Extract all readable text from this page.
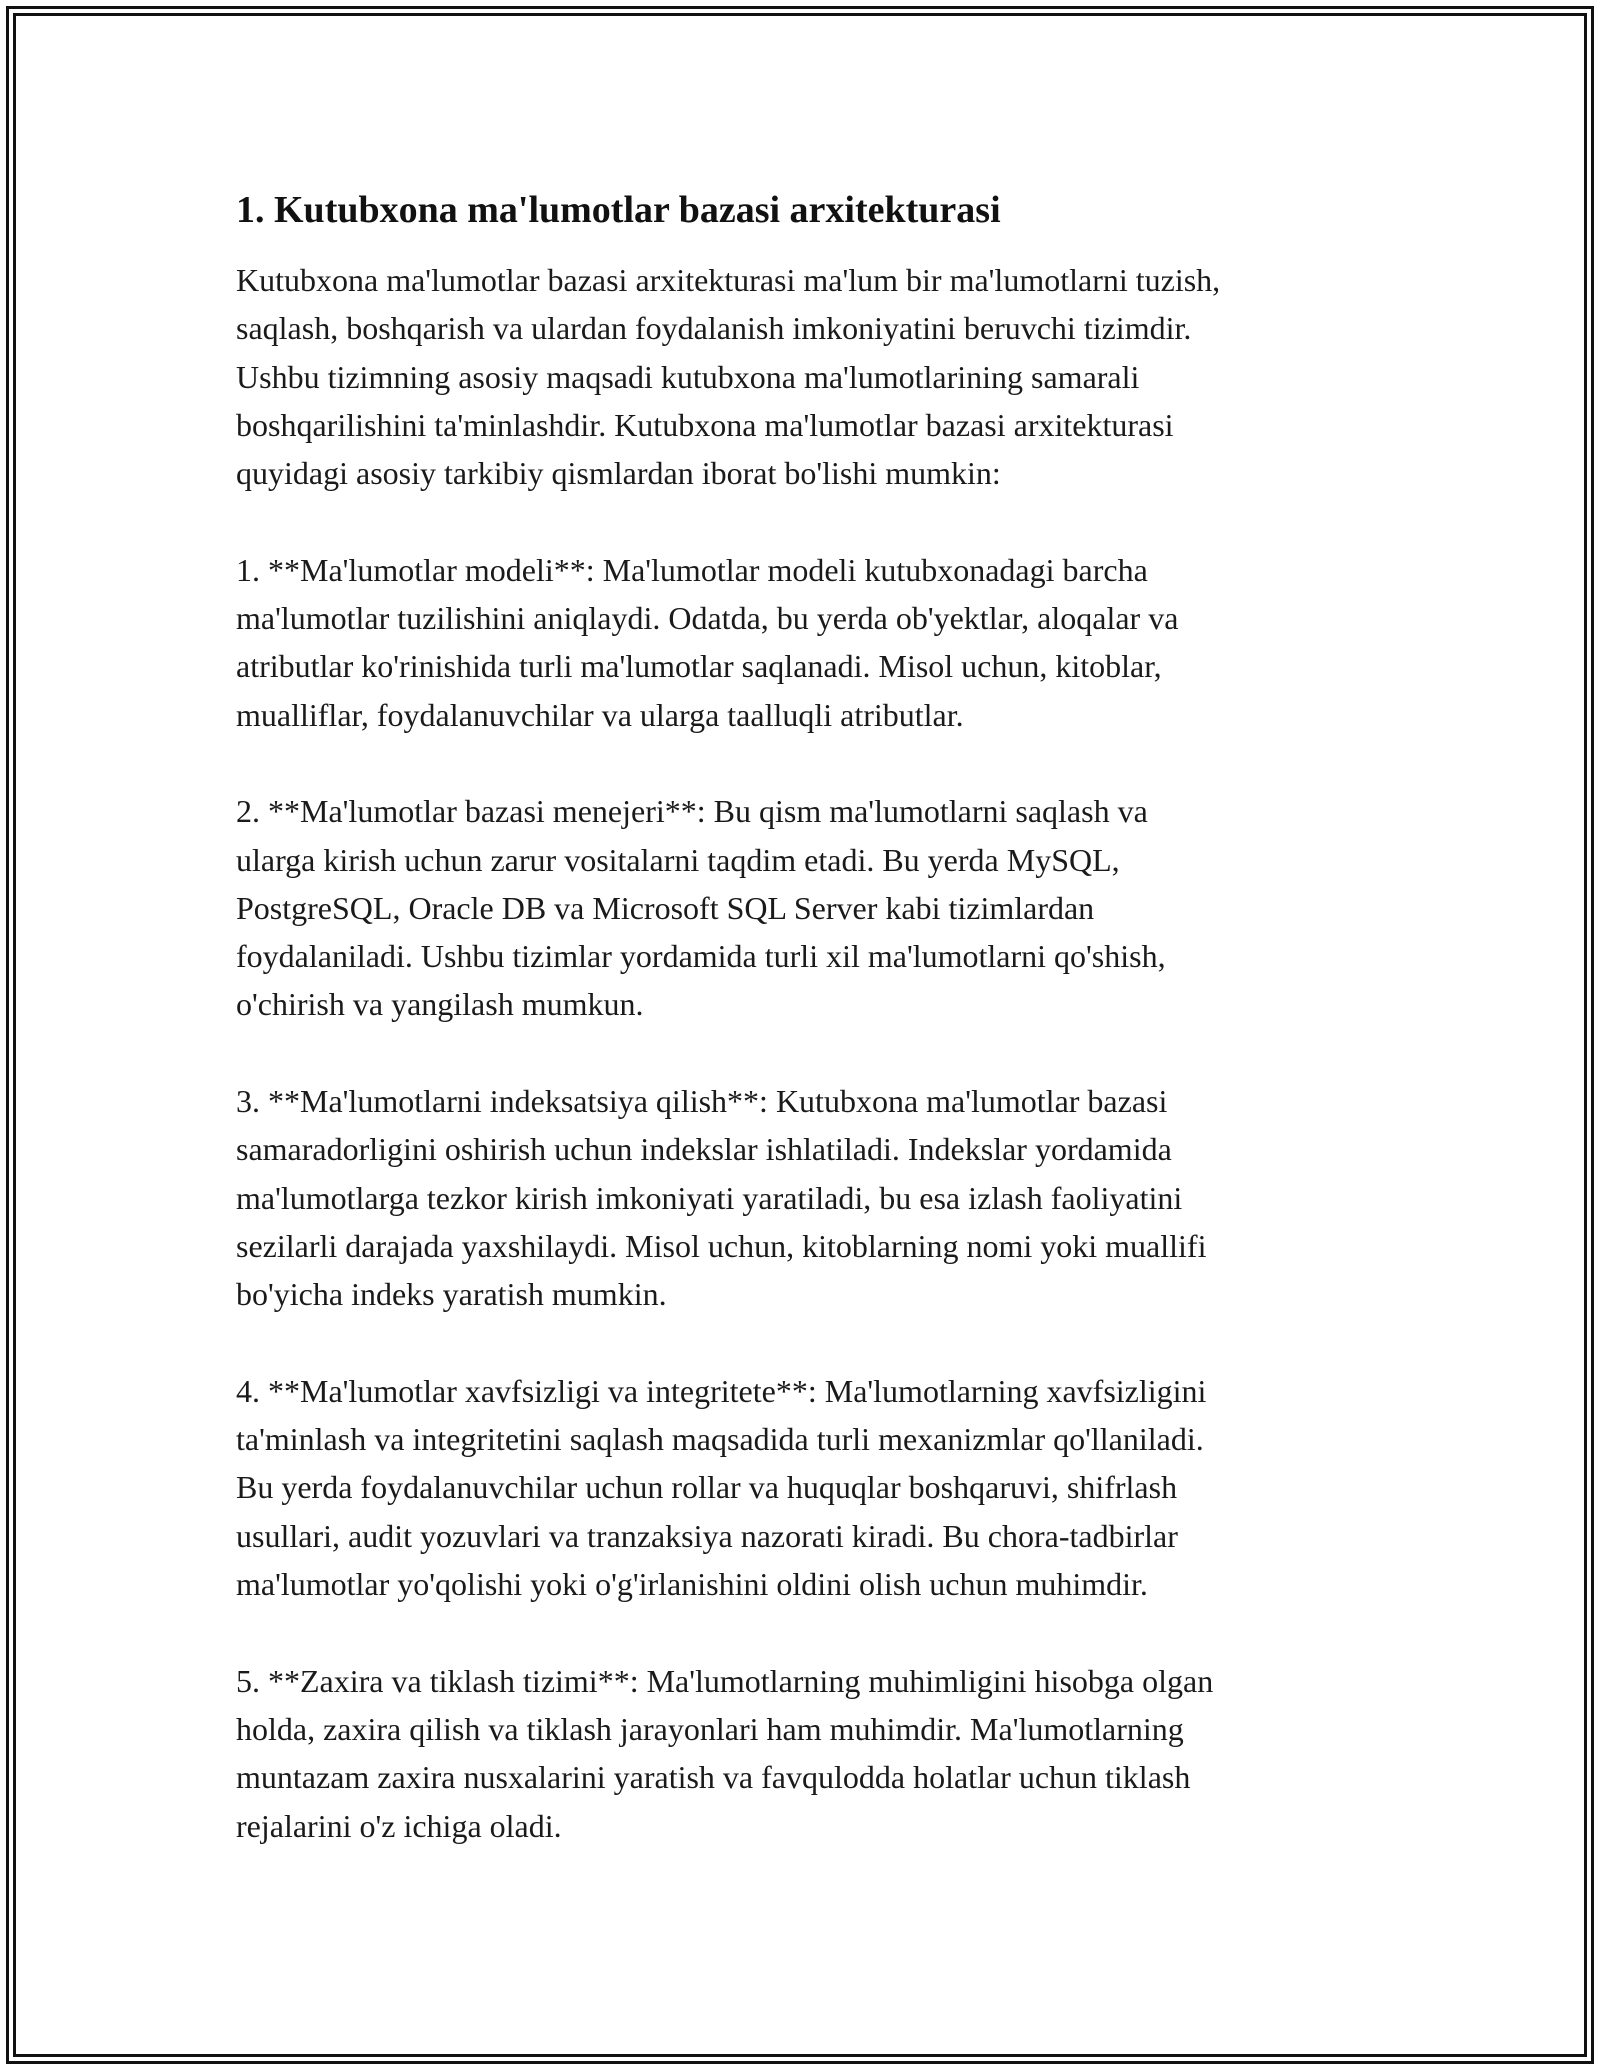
1. Kutubxona ma'lumotlar bazasi arxitekturasi

Kutubxona ma'lumotlar bazasi arxitekturasi ma'lum bir ma'lumotlarni tuzish,
saqlash, boshqarish va ulardan foydalanish imkoniyatini beruvchi tizimdir.
Ushbu tizimning asosiy maqsadi kutubxona ma'lumotlarining samarali
boshqarilishini ta'minlashdir. Kutubxona ma'lumotlar bazasi arxitekturasi
quyidagi asosiy tarkibiy qismlardan iborat bo'lishi mumkin:

1. **Ma'lumotlar modeli**: Ma'lumotlar modeli kutubxonadagi barcha
ma'lumotlar tuzilishini aniqlaydi. Odatda, bu yerda ob'yektlar, aloqalar va
atributlar ko'rinishida turli ma'lumotlar saqlanadi. Misol uchun, kitoblar,
mualliflar, foydalanuvchilar va ularga taalluqli atributlar.

2. **Ma'lumotlar bazasi menejeri**: Bu qism ma'lumotlarni saqlash va
ularga kirish uchun zarur vositalarni taqdim etadi. Bu yerda MySQL,
PostgreSQL, Oracle DB va Microsoft SQL Server kabi tizimlardan
foydalaniladi. Ushbu tizimlar yordamida turli xil ma'lumotlarni qo'shish,
o'chirish va yangilash mumkun.

3. **Ma'lumotlarni indeksatsiya qilish**: Kutubxona ma'lumotlar bazasi
samaradorligini oshirish uchun indekslar ishlatiladi. Indekslar yordamida
ma'lumotlarga tezkor kirish imkoniyati yaratiladi, bu esa izlash faoliyatini
sezilarli darajada yaxshilaydi. Misol uchun, kitoblarning nomi yoki muallifi
bo'yicha indeks yaratish mumkin.

4. **Ma'lumotlar xavfsizligi va integritete**: Ma'lumotlarning xavfsizligini
ta'minlash va integritetini saqlash maqsadida turli mexanizmlar qo'llaniladi.
Bu yerda foydalanuvchilar uchun rollar va huquqlar boshqaruvi, shifrlash
usullari, audit yozuvlari va tranzaksiya nazorati kiradi. Bu chora-tadbirlar
ma'lumotlar yo'qolishi yoki o'g'irlanishini oldini olish uchun muhimdir.

5. **Zaxira va tiklash tizimi**: Ma'lumotlarning muhimligini hisobga olgan
holda, zaxira qilish va tiklash jarayonlari ham muhimdir. Ma'lumotlarning
muntazam zaxira nusxalarini yaratish va favqulodda holatlar uchun tiklash
rejalarini o'z ichiga oladi.
